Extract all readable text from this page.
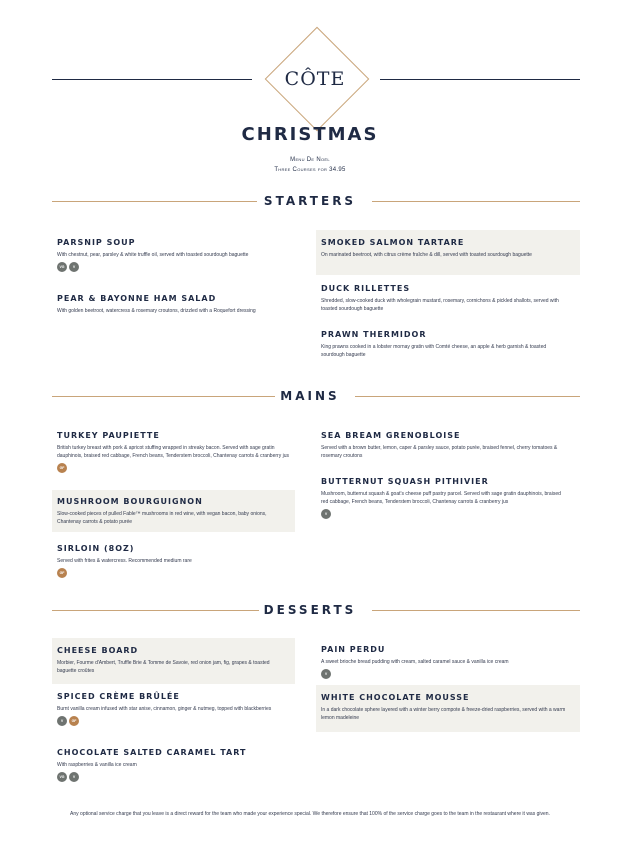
CÔTE
CHRISTMAS
Menu De Noël
Three Courses for 34.95
STARTERS
PARSNIP SOUP
With chestnut, pear, parsley & white truffle oil, served with toasted sourdough baguette
VG	V
PEAR & BAYONNE HAM SALAD
With golden beetroot, watercress & rosemary croutons, drizzled with a Roquefort dressing
SMOKED SALMON TARTARE
On marinated beetroot, with citrus crème fraîche & dill, served with toasted sourdough baguette
DUCK RILLETTES
Shredded, slow-cooked duck with wholegrain mustard, rosemary, cornichons & pickled shallots, served with toasted sourdough baguette
PRAWN THERMIDOR
King prawns cooked in a lobster mornay gratin with Comté cheese, an apple & herb garnish & toasted sourdough baguette
MAINS
TURKEY PAUPIETTE
British turkey breast with pork & apricot stuffing wrapped in streaky bacon. Served with sage gratin dauphinois, braised red cabbage, French beans, Tenderstem broccoli, Chantenay carrots & cranberry jus
GF
MUSHROOM BOURGUIGNON
Slow-cooked pieces of pulled Fable™ mushrooms in red wine, with vegan bacon, baby onions, Chantenay carrots & potato purée
SIRLOIN (8OZ)
Served with frites & watercress. Recommended medium rare
GF
SEA BREAM GRENOBLOISE
Served with a brown butter, lemon, caper & parsley sauce, potato purée, braised fennel, cherry tomatoes & rosemary croutons
BUTTERNUT SQUASH PITHIVIER
Mushroom, butternut squash & goat's cheese puff pastry parcel. Served with sage gratin dauphinois, braised red cabbage, French beans, Tenderstem broccoli, Chantenay carrots & cranberry jus
V
DESSERTS
CHEESE BOARD
Morbier, Fourme d'Ambert, Truffle Brie & Tomme de Savoie, red onion jam, fig, grapes & toasted baguette croûtes
SPICED CRÈME BRÛLÉE
Burnt vanilla cream infused with star anise, cinnamon, ginger & nutmeg, topped with blackberries
V	GF
CHOCOLATE SALTED CARAMEL TART
With raspberries & vanilla ice cream
VG	V
PAIN PERDU
A sweet brioche bread pudding with cream, salted caramel sauce & vanilla ice cream
V
WHITE CHOCOLATE MOUSSE
In a dark chocolate sphere layered with a winter berry compote & freeze-dried raspberries, served with a warm lemon madeleine
Any optional service charge that you leave is a direct reward for the team who made your experience special. We therefore ensure that 100% of the service charge goes to the team in the restaurant where it was given.
